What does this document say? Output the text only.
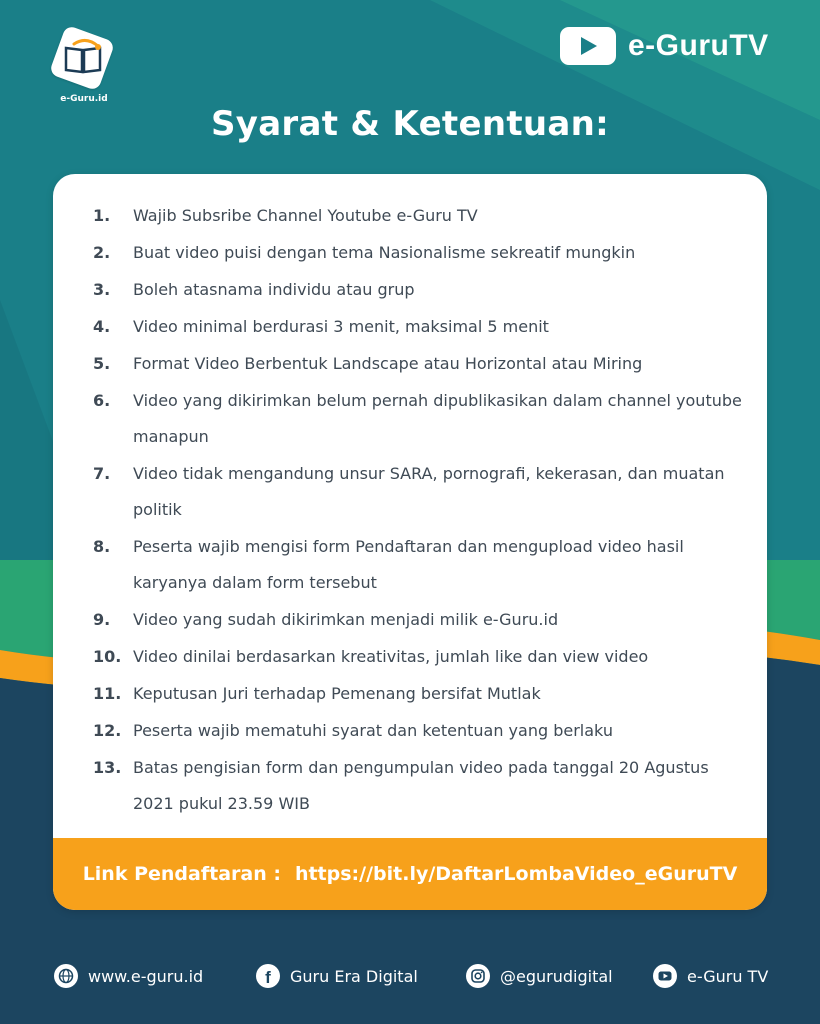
e-Guru.id
e-GuruTV
Syarat & Ketentuan:
1.	Wajib Subsribe Channel Youtube e-Guru TV
2.	Buat video puisi dengan tema Nasionalisme sekreatif mungkin
3.	Boleh atasnama individu atau grup
4.	Video minimal berdurasi 3 menit, maksimal 5 menit
5.	Format Video Berbentuk Landscape atau Horizontal atau Miring
6.	Video yang dikirimkan belum pernah dipublikasikan dalam channel youtube manapun
7.	Video tidak mengandung unsur SARA, pornografi, kekerasan, dan muatan politik
8.	Peserta wajib mengisi form Pendaftaran dan mengupload video hasil karyanya dalam form tersebut
9.	Video yang sudah dikirimkan menjadi milik e-Guru.id
10. Video dinilai berdasarkan kreativitas, jumlah like dan view video
11. Keputusan Juri terhadap Pemenang bersifat Mutlak
12. Peserta wajib mematuhi syarat dan ketentuan yang berlaku
13. Batas pengisian form dan pengumpulan video pada tanggal 20 Agustus 2021 pukul 23.59 WIB
Link Pendaftaran : https://bit.ly/DaftarLombaVideo_eGuruTV
www.e-guru.id	f Guru Era Digital	@egurudigital	e-Guru TV
